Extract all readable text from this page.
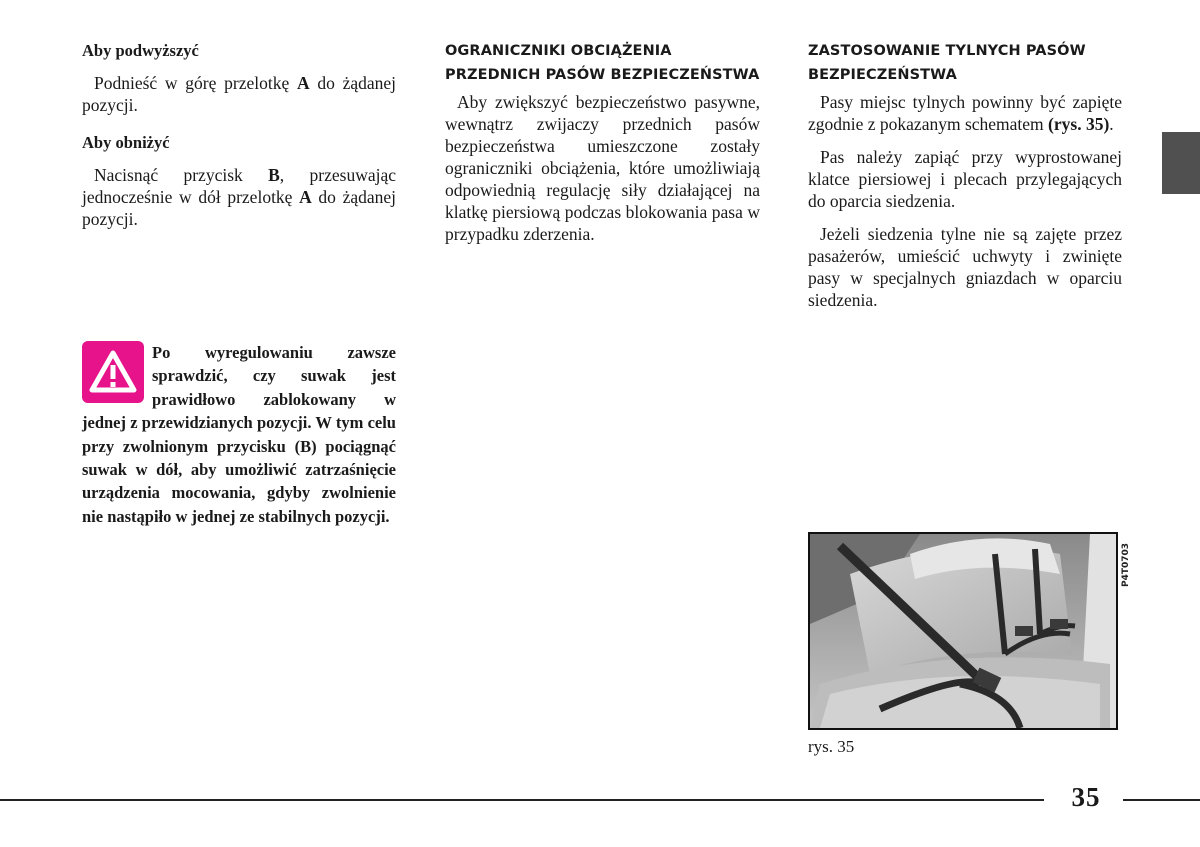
Aby podwyższyć

Podnieść w górę przelotkę A do żądanej pozycji.

Aby obniżyć

Nacisnąć przycisk B, przesuwając jednocześnie w dół przelotkę A do żądanej pozycji.

Po wyregulowaniu zawsze sprawdzić, czy suwak jest prawidłowo zablokowany w jednej z przewidzianych pozycji. W tym celu przy zwolnionym przycisku (B) pociągnąć suwak w dół, aby umożliwić zatrzaśnięcie urządzenia mocowania, gdyby zwolnienie nie nastąpiło w jednej ze stabilnych pozycji.
OGRANICZNIKI OBCIĄŻENIA PRZEDNICH PASÓW BEZPIECZEŃSTWA

Aby zwiększyć bezpieczeństwo pasywne, wewnątrz zwijaczy przednich pasów bezpieczeństwa umieszczone zostały ograniczniki obciążenia, które umożliwiają odpowiednią regulację siły działającej na klatkę piersiową podczas blokowania pasa w przypadku zderzenia.

ZASTOSOWANIE TYLNYCH PASÓW BEZPIECZEŃSTWA

Pasy miejsc tylnych powinny być zapięte zgodnie z pokazanym schematem (rys. 35).

Pas należy zapiąć przy wyprostowanej klatce piersiowej i plecach przylegających do oparcia siedzenia.

Jeżeli siedzenia tylne nie są zajęte przez pasażerów, umieścić uchwyty i zwinięte pasy w specjalnych gniazdach w oparciu siedzenia.

P4T0703
rys. 35
35
